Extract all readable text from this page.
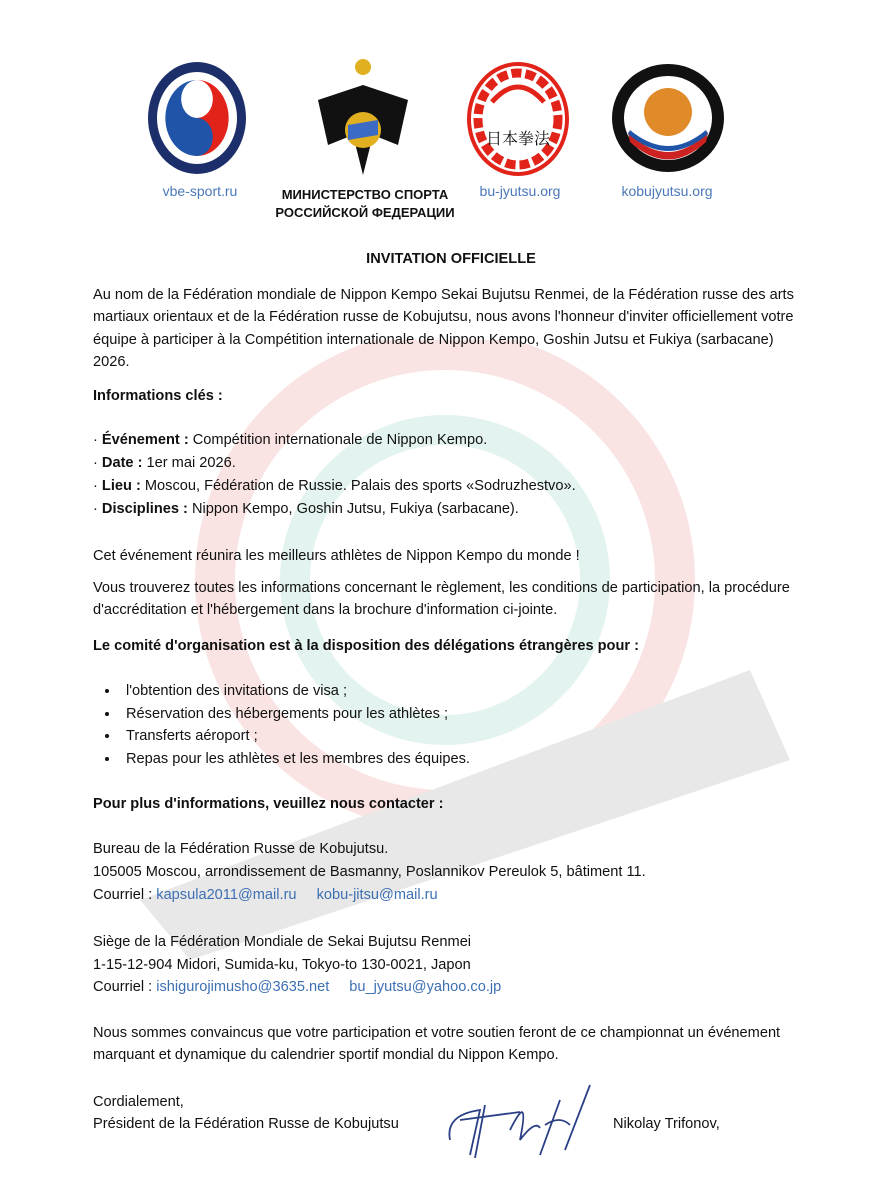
vbe-sport.ru	МИНИСТЕРСТВО СПОРТА
РОССИЙСКОЙ ФЕДЕРАЦИИ
日本拳法
bu-jyutsu.org	kobujyutsu.org
INVITATION OFFICIELLE

Au nom de la Fédération mondiale de Nippon Kempo Sekai Bujutsu Renmei, de la Fédération russe des arts martiaux orientaux et de la Fédération russe de Kobujutsu, nous avons l'honneur d'inviter officiellement votre équipe à participer à la Compétition internationale de Nippon Kempo, Goshin Jutsu et Fukiya (sarbacane) 2026.

Informations clés :
· Événement : Compétition internationale de Nippon Kempo.
· Date : 1er mai 2026.
· Lieu : Moscou, Fédération de Russie. Palais des sports «Sodruzhestvo».
· Disciplines : Nippon Kempo, Goshin Jutsu, Fukiya (sarbacane).

Cet événement réunira les meilleurs athlètes de Nippon Kempo du monde !

Vous trouverez toutes les informations concernant le règlement, les conditions de participation, la procédure d'accréditation et l'hébergement dans la brochure d'information ci-jointe.

Le comité d'organisation est à la disposition des délégations étrangères pour :
• l'obtention des invitations de visa ;
• Réservation des hébergements pour les athlètes ;
• Transferts aéroport ;
• Repas pour les athlètes et les membres des équipes.
Pour plus d'informations, veuillez nous contacter :
Bureau de la Fédération Russe de Kobujutsu.
105005 Moscou, arrondissement de Basmanny, Poslannikov Pereulok 5, bâtiment 11.
Courriel : kapsula2011@mail.ru kobu-jitsu@mail.ru
Siège de la Fédération Mondiale de Sekai Bujutsu Renmei
1-15-12-904 Midori, Sumida-ku, Tokyo-to 130-0021, Japon
Courriel : ishigurojimusho@3635.net bu_jyutsu@yahoo.co.jp

Nous sommes convaincus que votre participation et votre soutien feront de ce championnat un événement marquant et dynamique du calendrier sportif mondial du Nippon Kempo.

Cordialement,
Président de la Fédération Russe de Kobujutsu	Nikolay Trifonov,
